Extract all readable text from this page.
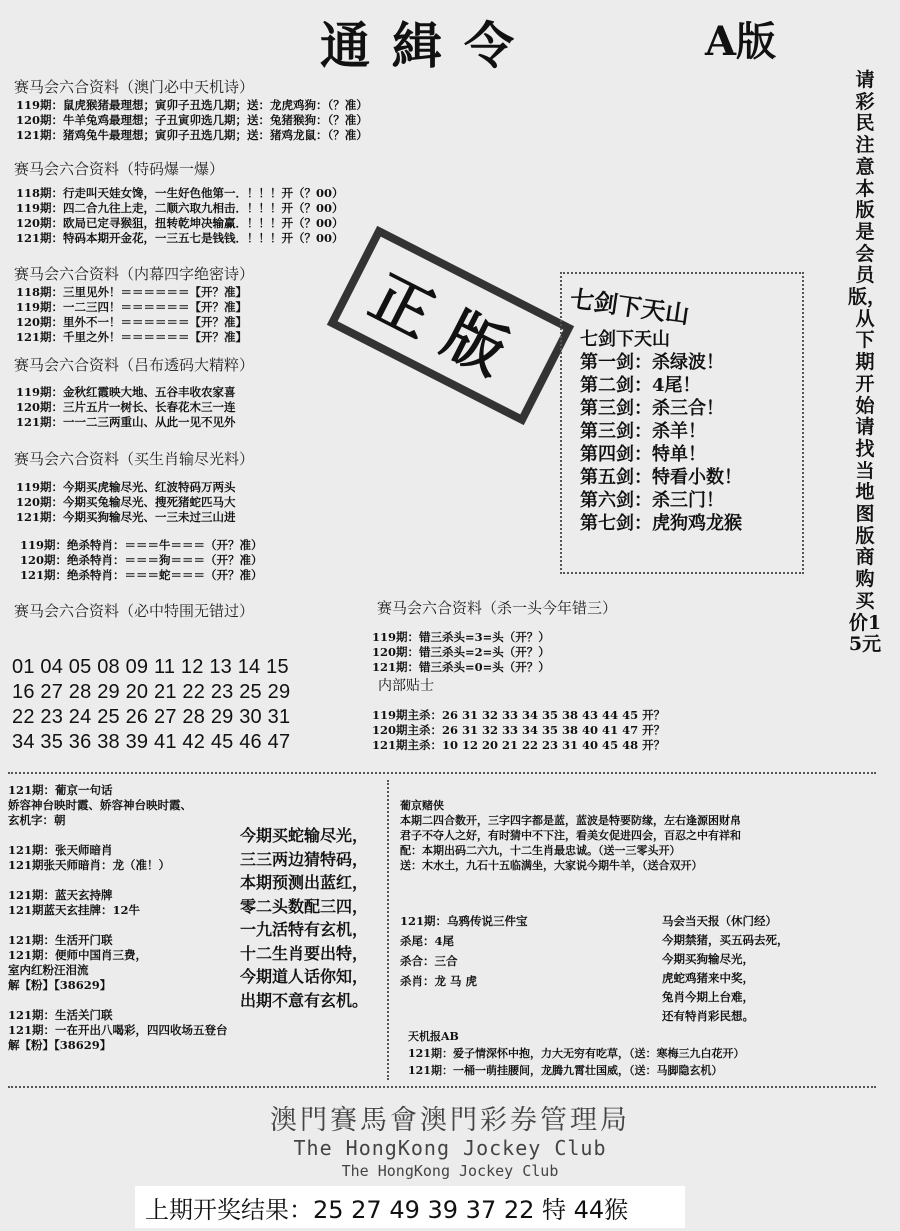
通緝令	A版
请彩民注意本版是会员版，从下期开始请找当地图版商购买价15元
赛马会六合资料（澳门必中天机诗）
119期：鼠虎猴猪最理想；寅卯子丑选几期；送：龙虎鸡狗：（？准）
120期：牛羊兔鸡最理想；子丑寅卯选几期；送：兔猪猴狗：（？准）
121期：猪鸡兔牛最理想；寅卯子丑选几期；送：猪鸡龙鼠：（？准）
赛马会六合资料（特码爆一爆）
118期：行走叫天娃女馋，一生好色他第一．！！！开（？00）
119期：四二合九往上走，二顺六取九相击．！！！开（？00）
120期：欧局已定寻猴狙，扭转乾坤决输赢．！！！开（？00）
121期：特码本期开金花，一三五七是钱钱．！！！开（？00）
赛马会六合资料（内幕四字绝密诗）
118期：三里见外！＝＝＝＝＝＝【开？准】
119期：一二三四！＝＝＝＝＝＝【开？准】
120期：里外不一！＝＝＝＝＝＝【开？准】
121期：千里之外！＝＝＝＝＝＝【开？准】
赛马会六合资料（吕布透码大精粹）
119期：金秋红霞映大地、五谷丰收农家喜
120期：三片五片一树长、长春花木三一连
121期：一一二三两重山、从此一见不见外
赛马会六合资料（买生肖输尽光料）
119期：今期买虎输尽光、红波特码万两头
120期：今期买兔输尽光、搜死猪蛇匹马大
121期：今期买狗输尽光、一三未过三山进
119期：绝杀特肖：＝＝＝牛＝＝＝（开？准）
120期：绝杀特肖：＝＝＝狗＝＝＝（开？准）
121期：绝杀特肖：＝＝＝蛇＝＝＝（开？准）
正版	七剑下天山
七剑下天山
第一剑：杀绿波！
第二剑：4尾！
第三剑：杀三合！
第三剑：杀羊！
第四剑：特单！
第五剑：特看小数！
第六剑：杀三门！
第七剑：虎狗鸡龙猴
赛马会六合资料（必中特围无错过）
01 04 05 08 09 11 12 13 14 15
16 27 28 29 20 21 22 23 25 29
22 23 24 25 26 27 28 29 30 31
34 35 36 38 39 41 42 45 46 47
赛马会六合资料（杀一头今年错三）
119期：错三杀头=3=头（开？）
120期：错三杀头=2=头（开？）
121期：错三杀头=0=头（开？）
内部贴士
119期主杀：26 31 32 33 34 35 38 43 44 45 开？
120期主杀：26 31 32 33 34 35 38 40 41 47 开？
121期主杀：10 12 20 21 22 23 31 40 45 48 开？
121期：葡京一句话
娇容神台映时霞、娇容神台映时霞、
玄机字：朝
121期：张天师暗肖
121期张天师暗肖：龙（准！）
121期：蓝天玄持牌
121期蓝天玄挂牌：12牛
121期：生活开门联
121期：便师中国肖三费，
室内红粉汪泪流
解【粉】【38629】
121期：生活关门联
121期：一在开出八喝彩，四四收场五登台
解【粉】【38629】
今期买蛇输尽光，
三三两边猜特码，
本期预测出蓝红，
零二头数配三四，
一九活特有玄机，
十二生肖要出特，
今期道人话你知，
出期不意有玄机。
葡京赌侠
本期二四合数开，三字四字都是蓝，蓝波是特要防缘，左右逢源困财帛
君子不夺人之好，有时猜中不下注，看美女促进四会，百忍之中有祥和
配：本期出码二六九，十二生肖最忠诚。（送一三零头开）
送：木水土，九石十五临满坐，大家说今期牛羊，（送合双开）
121期：乌鸦传说三件宝
杀尾：4尾
杀合：三合
杀肖：龙 马 虎
马会当天报（休门经）
今期禁猪，买五码去死，
今期买狗输尽光，
虎蛇鸡猪来中奖，
兔肖今期上台难，
还有特肖彩民想。
天机报AB
121期：爱子情深怀中抱，力大无穷有吃草，（送：寒梅三九白花开）
121期：一桶一萌挂腰间，龙腾九霄壮国威，（送：马脚隐玄机）
澳門賽馬會澳門彩券管理局
The HongKong Jockey Club
The HongKong Jockey Club
上期开奖结果：25 27 49 39 37 22 特 44猴
